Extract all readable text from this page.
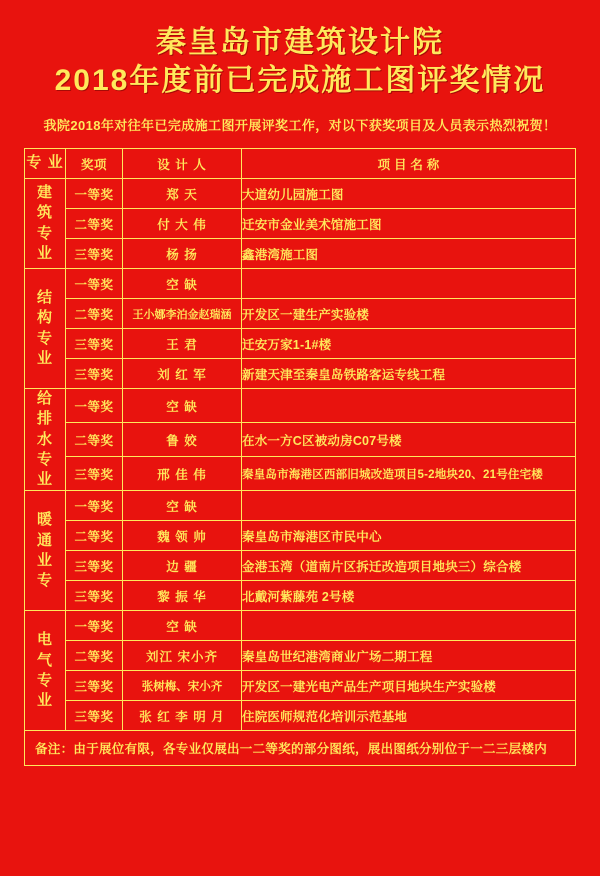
秦皇岛市建筑设计院
2018年度前已完成施工图评奖情况
我院2018年对往年已完成施工图开展评奖工作，对以下获奖项目及人员表示热烈祝贺！
专 业	奖项	设 计 人	项 目 名 称

建
筑
专
业	一等奖	郑 天	大道幼儿园施工图
	二等奖	付 大 伟	迁安市金业美术馆施工图
	三等奖	杨 扬	鑫港湾施工图

结
构
专
业	一等奖	空 缺	
	二等奖	王小娜李泊金赵瑞涵	开发区一建生产实验楼
	三等奖	王 君	迁安万家1-1#楼
	三等奖	刘 红 军	新建天津至秦皇岛铁路客运专线工程

给
排
水
专
业	一等奖	空 缺	
	二等奖	鲁 姣	在水一方C区被动房C07号楼
	三等奖	邢 佳 伟	秦皇岛市海港区西部旧城改造项目5-2地块20、21号住宅楼

暖
通
业
专	一等奖	空 缺	
	二等奖	魏 领 帅	秦皇岛市海港区市民中心
	三等奖	边 疆	金港玉湾（道南片区拆迁改造项目地块三）综合楼
	三等奖	黎 振 华	北戴河紫藤苑 2号楼

电
气
专
业	一等奖	空 缺	
	二等奖	刘江 宋小齐	秦皇岛世纪港湾商业广场二期工程
	三等奖	张树梅、宋小齐	开发区一建光电产品生产项目地块生产实验楼
	三等奖	张 红 李 明 月	住院医师规范化培训示范基地
备注：由于展位有限，各专业仅展出一二等奖的部分图纸，展出图纸分别位于一二三层楼内
